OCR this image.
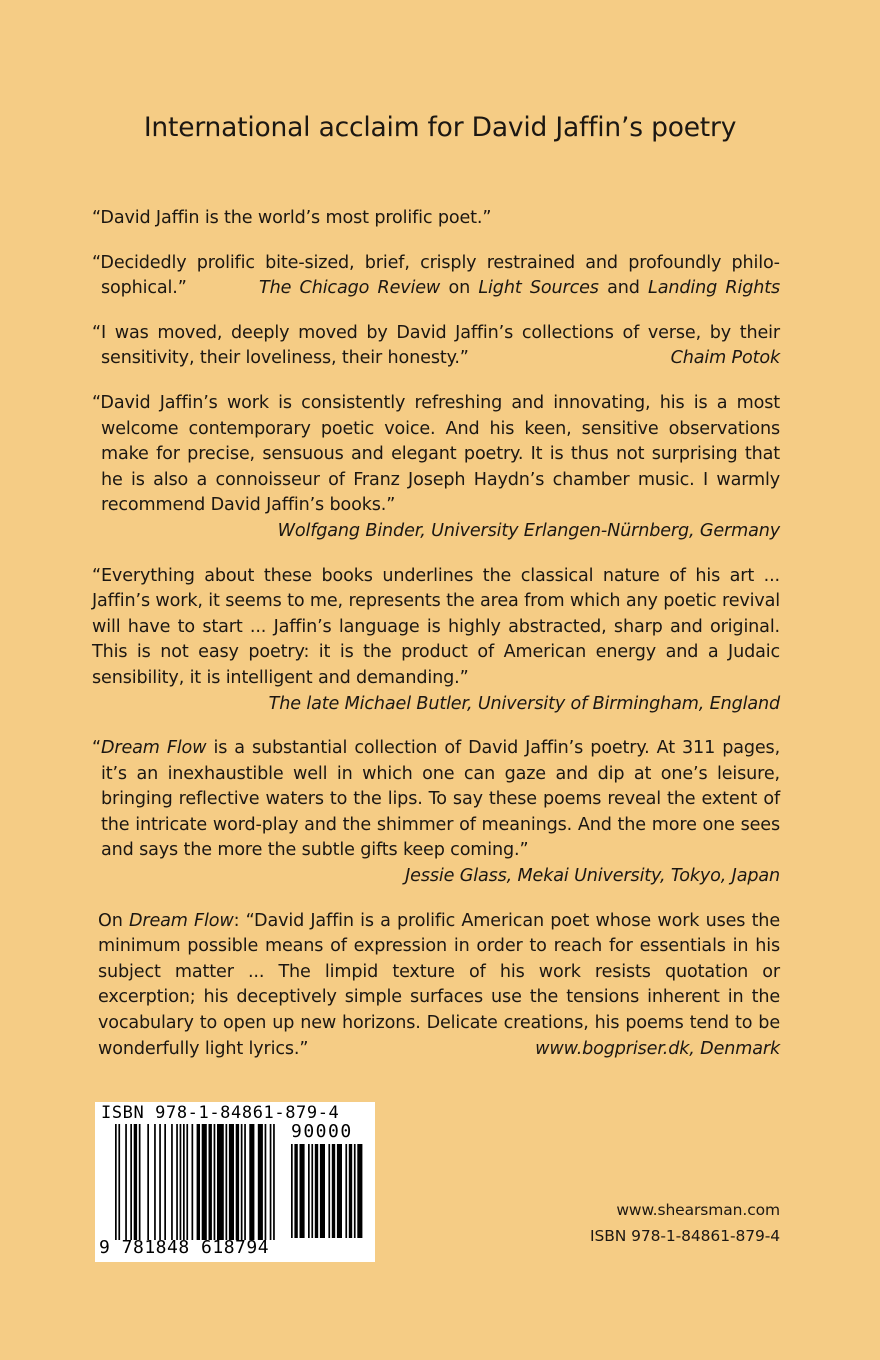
International acclaim for David Jaffin’s poetry
“David Jaffin is the world’s most prolific poet.”
“Decidedly prolific bite-sized, brief, crisply restrained and profoundly philosophical.”	The Chicago Review on Light Sources and Landing Rights
“I was moved, deeply moved by David Jaffin’s collections of verse, by their sensitivity, their loveliness, their honesty.”	Chaim Potok
“David Jaffin’s work is consistently refreshing and innovating, his is a most welcome contemporary poetic voice. And his keen, sensitive observations make for precise, sensuous and elegant poetry. It is thus not surprising that he is also a connoisseur of Franz Joseph Haydn’s chamber music. I warmly recommend David Jaffin’s books.”
Wolfgang Binder, University Erlangen-Nürnberg, Germany
“Everything about these books underlines the classical nature of his art ... Jaffin’s work, it seems to me, represents the area from which any poetic revival will have to start ... Jaffin’s language is highly abstracted, sharp and original. This is not easy poetry: it is the product of American energy and a Judaic sensibility, it is intelligent and demanding.”
The late Michael Butler, University of Birmingham, England
“Dream Flow is a substantial collection of David Jaffin’s poetry. At 311 pages, it’s an inexhaustible well in which one can gaze and dip at one’s leisure, bringing reflective waters to the lips. To say these poems reveal the extent of the intricate word-play and the shimmer of meanings. And the more one sees and says the more the subtle gifts keep coming.”
Jessie Glass, Mekai University, Tokyo, Japan
On Dream Flow: “David Jaffin is a prolific American poet whose work uses the minimum possible means of expression in order to reach for essentials in his subject matter ... The limpid texture of his work resists quotation or excerption; his deceptively simple surfaces use the tensions inherent in the vocabulary to open up new horizons. Delicate creations, his poems tend to be wonderfully light lyrics.”	www.bogpriser.dk, Denmark
ISBN 978-1-84861-879-4
90000
9 781848 618794
www.shearsman.com
ISBN 978-1-84861-879-4
